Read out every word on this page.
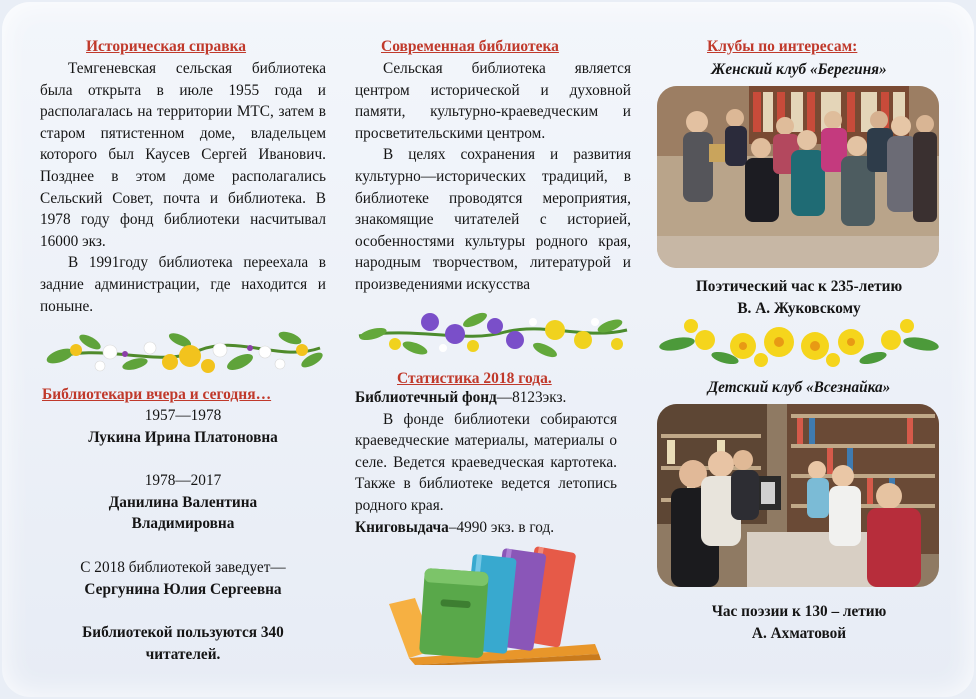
Историческая справка

Темгеневская сельская библиотека была открыта в июле 1955 года и располагалась на территории МТС, затем в старом пятистенном доме, владельцем которого был Каусев Сергей Иванович. Позднее в этом доме располагались Сельский Совет, почта и библиотека. В 1978 году фонд библиотеки насчитывал 16000 экз.

В 1991году библиотека переехала в задние администрации, где находится и поныне.

Библиотекари вчера и сегодня…
1957—1978
Лукина Ирина Платоновна
1978—2017
Данилина Валентина
Владимировна
С 2018 библиотекой заведует—
Сергунина Юлия Сергеевна
Библиотекой пользуются 340
читателей.
Современная библиотека

Сельская библиотека является центром исторической и духовной памяти, культурно-краеведческим и просветительскими центром.

В целях сохранения и развития культурно—исторических традиций, в библиотеке проводятся мероприятия, знакомящие читателей с историей, особенностями культуры родного края, народным творчеством, литературой и произведениями искусства

Статистика 2018 года.
Библиотечный фонд—8123экз.

В фонде библиотеки собираются краеведческие материалы, материалы о селе. Ведется краеведческая картотека. Также в библиотеке ведется летопись родного края.

Книговыдача–4990 экз. в год.
Клубы по интересам:
Женский клуб «Берегиня»
Поэтический час к 235-летию
В. А. Жуковскому
Детский клуб «Всезнайка»
Час поэзии к 130 – летию
А. Ахматовой
